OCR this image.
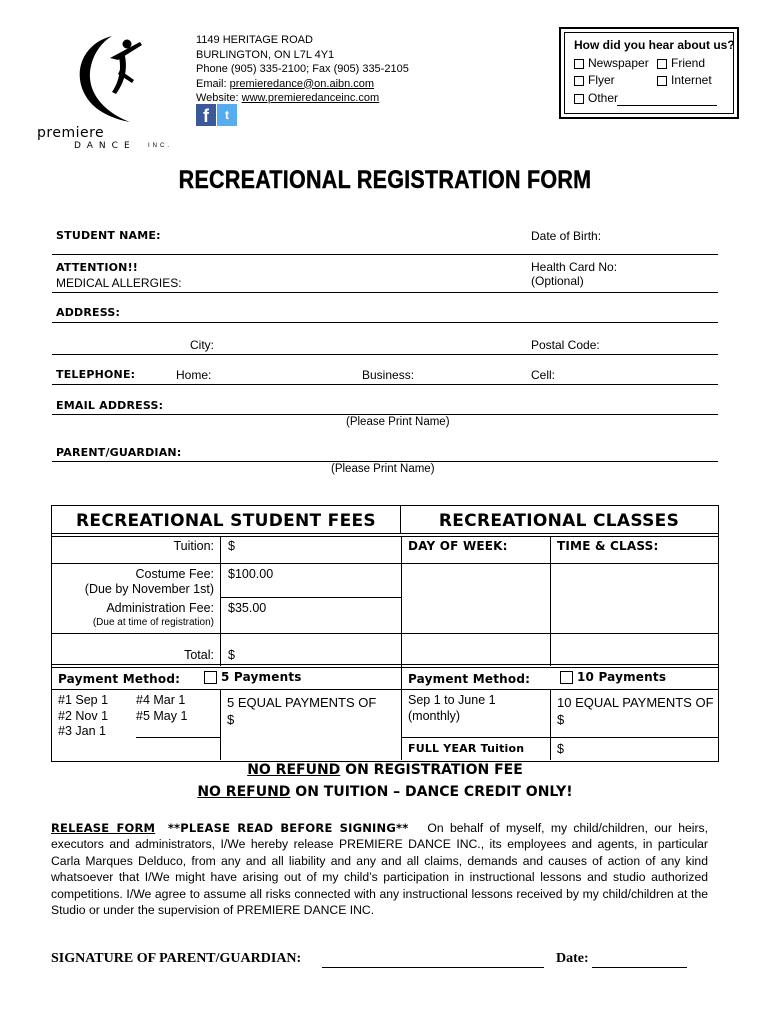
premiere
DANCE INC.
1149 HERITAGE ROAD
BURLINGTON, ON L7L 4Y1
Phone (905) 335-2100; Fax (905) 335-2105
Email: premieredance@on.aibn.com
Website: www.premieredanceinc.com
f	t
How did you hear about us?
Newspaper	Friend
Flyer	Internet
Other
RECREATIONAL REGISTRATION FORM
STUDENT NAME:	Date of Birth:
ATTENTION!!
MEDICAL ALLERGIES:
Health Card No:
(Optional)
ADDRESS:
City:	Postal Code:
TELEPHONE:	Home:	Business:	Cell:
EMAIL ADDRESS:
(Please Print Name)
PARENT/GUARDIAN:
(Please Print Name)
RECREATIONAL STUDENT FEES	RECREATIONAL CLASSES
Tuition: $	DAY OF WEEK:	TIME & CLASS:
Costume Fee:
(Due by November 1st)
$100.00
Administration Fee:
(Due at time of registration)
$35.00
Total: $
Payment Method:	5 Payments	Payment Method:	10 Payments
#1 Sep 1
#2 Nov 1
#3 Jan 1
#4 Mar 1
#5 May 1
5 EQUAL PAYMENTS OF
$
Sep 1 to June 1
(monthly)
10 EQUAL PAYMENTS OF
$
FULL YEAR Tuition	$
NO REFUND ON REGISTRATION FEE
NO REFUND ON TUITION – DANCE CREDIT ONLY!
RELEASE FORM **PLEASE READ BEFORE SIGNING** On behalf of myself, my child/children, our heirs, executors and administrators, I/We hereby release PREMIERE DANCE INC., its employees and agents, in particular Carla Marques Delduco, from any and all liability and any and all claims, demands and causes of action of any kind whatsoever that I/We might have arising out of my child’s participation in instructional lessons and studio authorized competitions. I/We agree to assume all risks connected with any instructional lessons received by my child/children at the Studio or under the supervision of PREMIERE DANCE INC.
SIGNATURE OF PARENT/GUARDIAN:	Date:
